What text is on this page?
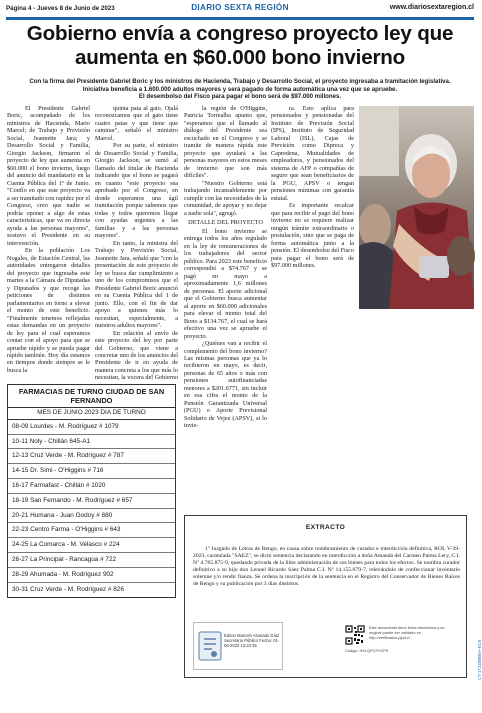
Página 4 - Jueves 8 de Junio de 2023	DIARIO SEXTA REGIÓN	www.diariosextaregion.cl
Gobierno envía a congreso proyecto ley que aumenta en $60.000 bono invierno
Con la firma del Presidente Gabriel Boric y los ministros de Hacienda, Trabajo y Desarrollo Social, el proyecto ingresaba a tramitación legislativa.
Iniciativa beneficia a 1.600.000 adultos mayores y será pagado de forma automática una vez que se apruebe.
El desembolso del Fisco para pagar el bono será de $97.000 millones.

El Presidente Gabriel Boric, acompañado de los ministros de Hacienda, Mario Marcel; de Trabajo y Previsión Social, Jeannette Jara; y Desarrollo Social y Familia, Giorgio Jackson, firmaron el proyecto de ley que aumenta en $60.000 el bono invierno, luego del anuncio del mandatario en la Cuenta Pública del 1º de Junio. "Confío en que este proyecto va a ser tramitado con rapidez por el Congreso, creo que nadie se podría oponer a algo de estas características, que va en directa ayuda a las personas mayores", sostuvo el Presidente en su intervención.

En la población Los Nogales, de Estación Central, las autoridades entregaron detalles del proyecto que ingresaba este martes a la Cámara de Diputadas y Diputados y que recoge las peticiones de distintos parlamentarios en torno a elevar el monto de este beneficio. "Finalmente tenemos reflejadas estas demandas en un proyecto de ley para el cual esperamos contar con el apoyo para que se apruebe rápido y se pueda pagar rápido también. Hoy día estamos en tiempos donde siempre se le busca la

quinta pata al gato. Ojalá reconozcamos que el gato tiene cuatro patas y que tiene que caminar", señaló el ministro Marcel.

Por su parte, el ministro de Desarrollo Social y Familia, Giorgio Jackson, se sumó al llamado del titular de Hacienda indicando que el bono se pagará en cuanto "este proyecto sea aprobado por el Congreso, en donde esperamos una ágil tramitación porque sabemos que todas y todos queremos llegar con ayudas urgentes a las familias y a las personas mayores".

En tanto, la ministra del Trabajo y Previsión Social, Jeannette Jara, señaló que "con la presentación de este proyecto de ley se busca dar cumplimiento a uno de los compromisos que el Presidente Gabriel Boric anunció en su Cuenta Pública del 1 de junio. Ello, con el fin de dar apoyo a quienes más lo necesitan, especialmente, a nuestros adultos mayores".

En relación al envío de este proyecto del ley por parte del Gobierno, que viene a concretar uno de los anuncios del Presidente de ir en ayuda de manera concreta a los que más lo necesitan, la vocera del Gobierno

la región de O'Higgins, Patricia Torrealba apunto que, "esperamos que el llamado al diálogo del Presidente sea escuchado en el Congreso y se tramite de manera rápida este proyecto que ayudará a las personas mayores en estos meses de invierno que son más difíciles".

"Nuestro Gobierno está trabajando incansablemente por cumplir con las necesidades de la comunidad, de apoyar y no dejar a nadie sola", agregó.

DETALLE DEL PROYECTO

El bono invierno se entrega todos los años regulado en la ley de remuneraciones de los trabajadores del sector público. Para 2023 este beneficio correspondió a $74.767 y se pagó en mayo a aproximadamente 1,6 millones de personas. El aporte adicional que el Gobierno busca aumentar al aporte en $60.000 adicionales para elevar el monto total del Bono a $134.767, el cual se hará efectivo una vez se apruebe el proyecto.

¿Quiénes van a recibir el complemento del bono invierno? Las mismas personas que ya lo recibieron en mayo, es decir, personas de 65 años o más con pensiones autofinanciadas menores a $201.6771, sin incluir en esa cifra el monto de la Pensión Garantizada Universal (PGU) o Aporte Previsional Solidario de Vejez (APSV), si lo tuvie-

ra. Esto aplica para pensionados y pensionadas del Instituto de Previsión Social (IPS), Instituto de Seguridad Laboral (ISL), Cajas de Previsión como Dipreca y Capredena, Mutualidades de empleadores, y pensionados del sistema de AFP o compañías de seguro que sean beneficiarios de la PGU, APSV o tengan pensiones mínimas con garantía estatal.

Es importante recalcar que para recibir el pago del bono invierno no se requiere realizar ningún trámite extraordinario o postulación, sino que se paga de forma automática junto a la pensión. El desembolso del Fisco para pagar el bono será de $97.000 millones.

FARMACIAS DE TURNO CIUDAD DE SAN FERNANDO
MES DE JUNIO 2023 DIA DE TURNO
08-09 Lourdes - M. Rodríguez # 1079
10-11 Noly - Chillán 645-A1
12-13 Cruz Verde - M. Rodríguez # 787
14-15 Dr. Simi - O'Higgins # 716
16-17 Farmafast - Chillán # 1020
18-19 San Fernando - M. Rodríguez # 657
20-21 Humana - Juan Godoy # 880
22-23 Centro Farma - O'Higgins # 643
24-25 La Comarca - M. Velasco # 224
26-27 La Principal - Rancagua # 722
28-29 Ahumada - M. Rodríguez 902
30-31 Cruz Verde - M. Rodríguez # 826
EXTRACTO
1º Juzgado de Letras de Rengo, en causa sobre nombramiento de curador e interdicción definitiva, ROL V-39-2023, caratulada "SAEZ", se dictó sentencia declarando en interdicción a doña Amanda del Carmen Palma Lery, C.I. Nº 4.765.875-9, quedando privada de la libre administración de sus bienes para todos los efectos. Se nombra curador definitivo a su hijo don Leonel Ricardo Sáez Palma C.I. Nº 14.155.679-7, relevándolo de confeccionar inventario solemne y/o rendir fianza. Se ordena la inscripción de la sentencia en el Registro del Conservador de Bienes Raíces de Rengo y su publicación por 3 días distintos.
Edson Marcelo Alvarado Díaz Secretario Público Fecha: 01-06-2023 13:24:35
Este documento tiene firma electrónica y su original puede ser validado en http://verificadoc.pjud.cl
Código: HXLQPCFXCP9	CT-1T2ZB8B9A-EC9
